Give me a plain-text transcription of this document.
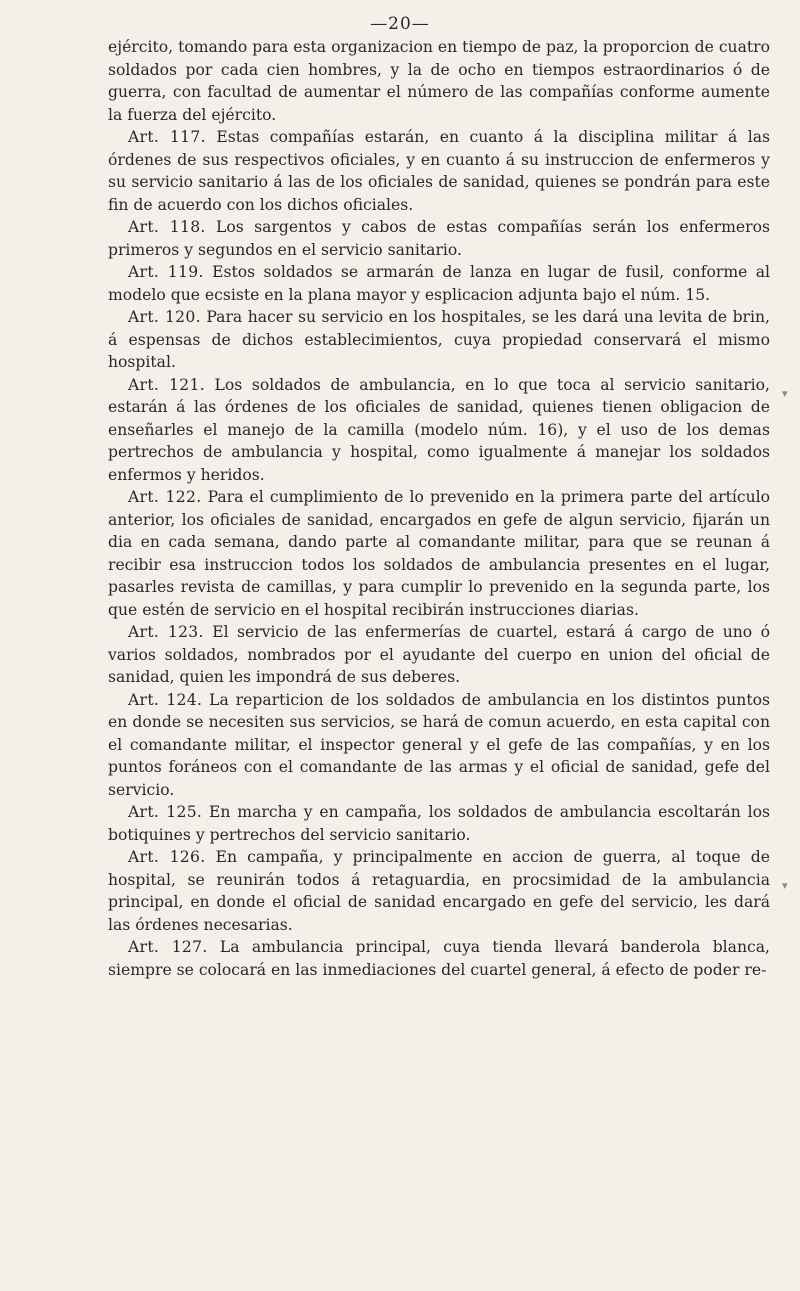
—20—

ejército, tomando para esta organizacion en tiempo de paz, la proporcion de cuatro soldados por cada cien hombres, y la de ocho en tiempos estraordinarios ó de guerra, con facultad de aumentar el número de las compañías conforme aumente la fuerza del ejército.

Art. 117. Estas compañías estarán, en cuanto á la disciplina militar á las órdenes de sus respectivos oficiales, y en cuanto á su instruccion de enfermeros y su servicio sanitario á las de los oficiales de sanidad, quienes se pondrán para este fin de acuerdo con los dichos oficiales.

Art. 118. Los sargentos y cabos de estas compañías serán los enfermeros primeros y segundos en el servicio sanitario.

Art. 119. Estos soldados se armarán de lanza en lugar de fusil, conforme al modelo que ecsiste en la plana mayor y esplicacion adjunta bajo el núm. 15.

Art. 120. Para hacer su servicio en los hospitales, se les dará una levita de brin, á espensas de dichos establecimientos, cuya propiedad conservará el mismo hospital.

Art. 121. Los soldados de ambulancia, en lo que toca al servicio sanitario, estarán á las órdenes de los oficiales de sanidad, quienes tienen obligacion de enseñarles el manejo de la camilla (modelo núm. 16), y el uso de los demas pertrechos de ambulancia y hospital, como igualmente á manejar los soldados enfermos y heridos.

Art. 122. Para el cumplimiento de lo prevenido en la primera parte del artículo anterior, los oficiales de sanidad, encargados en gefe de algun servicio, fijarán un dia en cada semana, dando parte al comandante militar, para que se reunan á recibir esa instruccion todos los soldados de ambulancia presentes en el lugar, pasarles revista de camillas, y para cumplir lo prevenido en la segunda parte, los que estén de servicio en el hospital recibirán instrucciones diarias.

Art. 123. El servicio de las enfermerías de cuartel, estará á cargo de uno ó varios soldados, nombrados por el ayudante del cuerpo en union del oficial de sanidad, quien les impondrá de sus deberes.

Art. 124. La reparticion de los soldados de ambulancia en los distintos puntos en donde se necesiten sus servicios, se hará de comun acuerdo, en esta capital con el comandante militar, el inspector general y el gefe de las compañías, y en los puntos foráneos con el comandante de las armas y el oficial de sanidad, gefe del servicio.

Art. 125. En marcha y en campaña, los soldados de ambulancia escoltarán los botiquines y pertrechos del servicio sanitario.

Art. 126. En campaña, y principalmente en accion de guerra, al toque de hospital, se reunirán todos á retaguardia, en procsimidad de la ambulancia principal, en donde el oficial de sanidad encargado en gefe del servicio, les dará las órdenes necesarias.

Art. 127. La ambulancia principal, cuya tienda llevará banderola blanca, siempre se colocará en las inmediaciones del cuartel general, á efecto de poder re-

▾
▾
